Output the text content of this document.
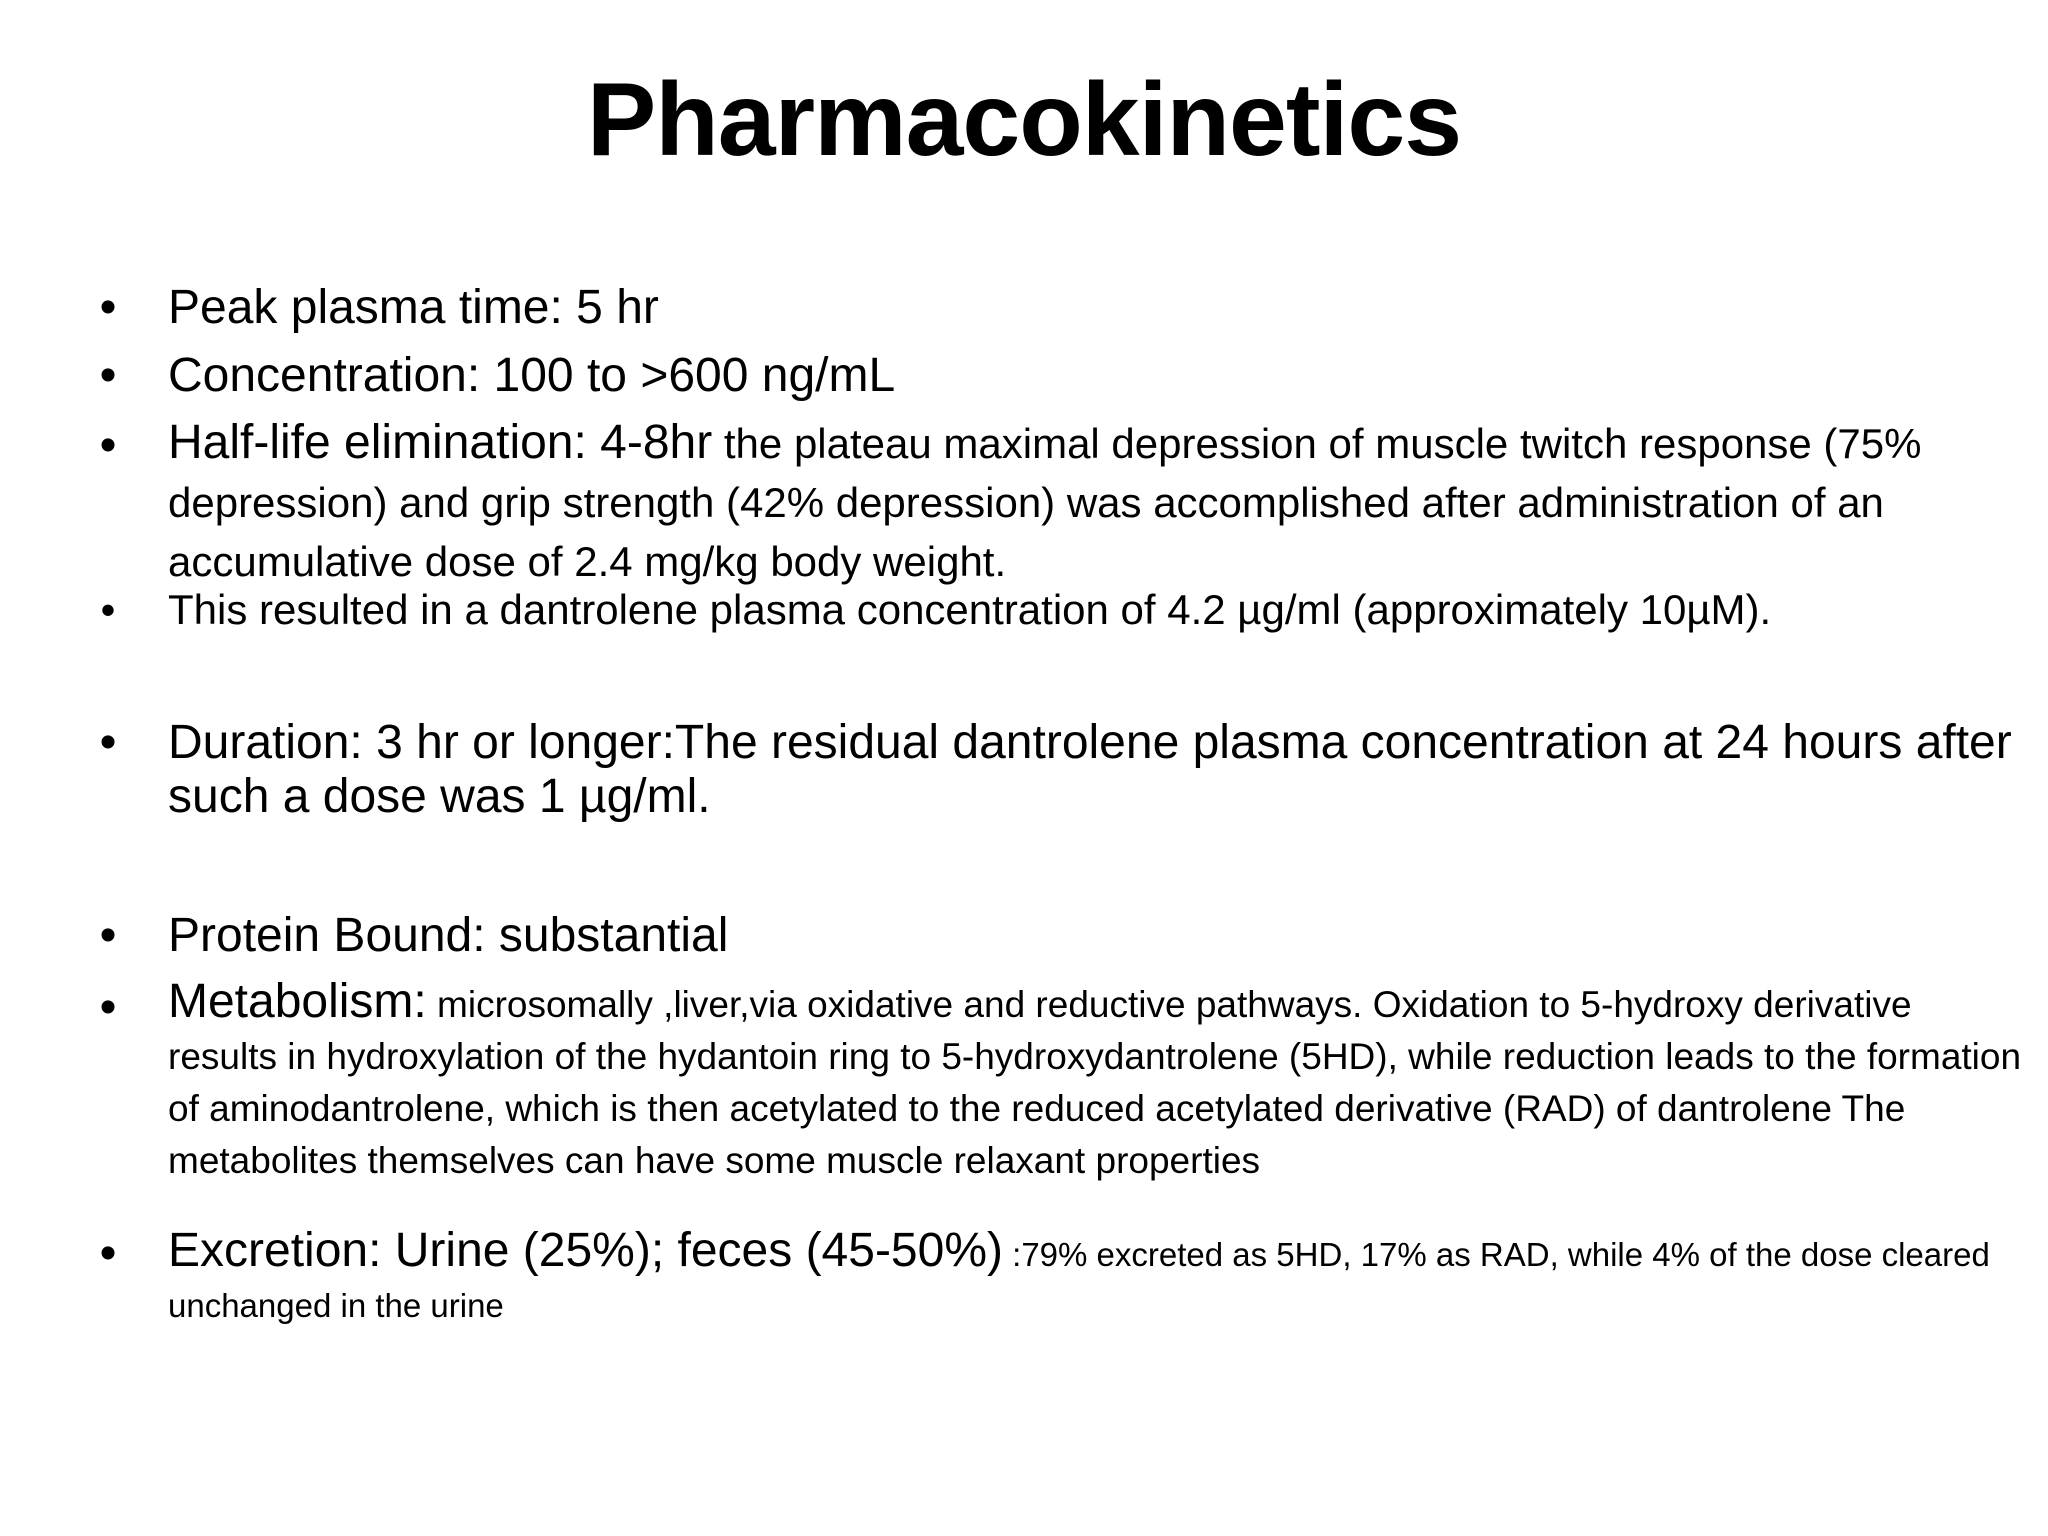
Pharmacokinetics
• Peak plasma time: 5 hr
• Concentration: 100 to >600 ng/mL
• Half-life elimination: 4-8hr the plateau maximal depression of muscle twitch response (75% depression) and grip strength (42% depression) was accomplished after administration of an accumulative dose of 2.4 mg/kg body weight.
•	This resulted in a dantrolene plasma concentration of 4.2 µg/ml (approximately 10µM).
• Duration: 3 hr or longer:The residual dantrolene plasma concentration at 24 hours after such a dose was 1 µg/ml.
• Protein Bound: substantial
• Metabolism: microsomally ,liver,via oxidative and reductive pathways. Oxidation to 5-hydroxy derivative results in hydroxylation of the hydantoin ring to 5-hydroxydantrolene (5HD), while reduction leads to the formation of aminodantrolene, which is then acetylated to the reduced acetylated derivative (RAD) of dantrolene The metabolites themselves can have some muscle relaxant properties
• Excretion: Urine (25%); feces (45-50%) :79% excreted as 5HD, 17% as RAD, while 4% of the dose cleared unchanged in the urine
